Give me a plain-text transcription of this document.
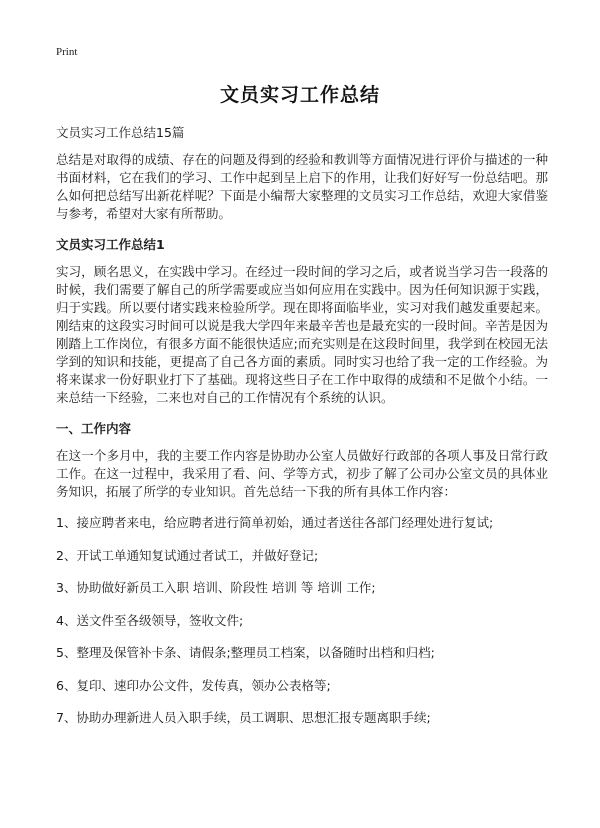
Print
文员实习工作总结

文员实习工作总结15篇

总结是对取得的成绩、存在的问题及得到的经验和教训等方面情况进行评价与描述的一种书面材料，它在我们的学习、工作中起到呈上启下的作用，让我们好好写一份总结吧。那么如何把总结写出新花样呢？下面是小编帮大家整理的文员实习工作总结，欢迎大家借鉴与参考，希望对大家有所帮助。

文员实习工作总结1

实习，顾名思义，在实践中学习。在经过一段时间的学习之后，或者说当学习告一段落的时候，我们需要了解自己的所学需要或应当如何应用在实践中。因为任何知识源于实践，归于实践。所以要付诸实践来检验所学。现在即将面临毕业，实习对我们越发重要起来。刚结束的这段实习时间可以说是我大学四年来最辛苦也是最充实的一段时间。辛苦是因为刚踏上工作岗位，有很多方面不能很快适应;而充实则是在这段时间里，我学到在校园无法学到的知识和技能，更提高了自己各方面的素质。同时实习也给了我一定的工作经验。为将来谋求一份好职业打下了基础。现将这些日子在工作中取得的成绩和不足做个小结。一来总结一下经验，二来也对自己的工作情况有个系统的认识。

一、工作内容

在这一个多月中，我的主要工作内容是协助办公室人员做好行政部的各项人事及日常行政工作。在这一过程中，我采用了看、问、学等方式，初步了解了公司办公室文员的具体业务知识，拓展了所学的专业知识。首先总结一下我的所有具体工作内容：

1、接应聘者来电，给应聘者进行简单初始，通过者送往各部门经理处进行复试;
2、开试工单通知复试通过者试工，并做好登记;
3、协助做好新员工入职 培训、阶段性 培训 等 培训 工作;
4、送文件至各级领导，签收文件;
5、整理及保管补卡条、请假条;整理员工档案，以备随时出档和归档;
6、复印、速印办公文件，发传真，领办公表格等;
7、协助办理新进人员入职手续，员工调职、思想汇报专题离职手续;
